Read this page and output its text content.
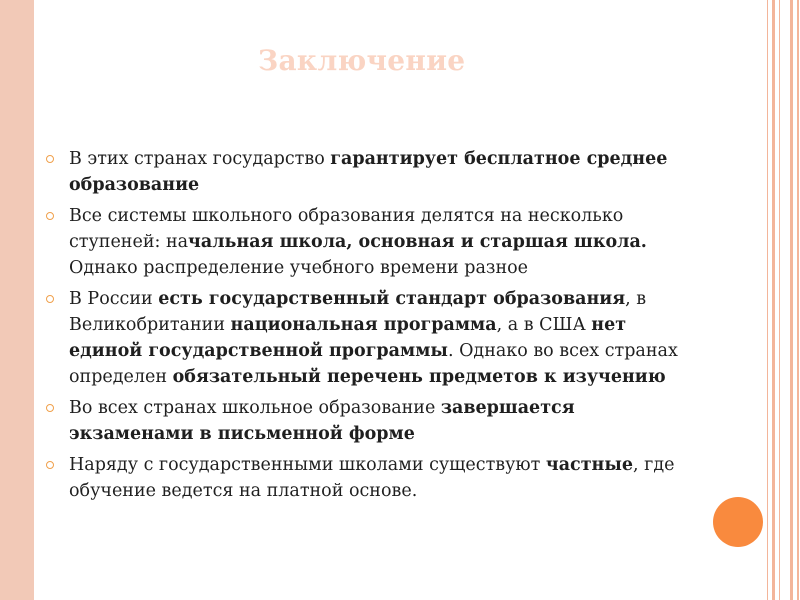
Заключение
В этих странах государство гарантирует бесплатное среднее образование
Все системы школьного образования делятся на несколько ступеней: начальная школа, основная и старшая школа. Однако распределение учебного времени разное
В России есть государственный стандарт образования, в Великобритании национальная программа, а в США нет единой государственной программы. Однако во всех странах определен обязательный перечень предметов к изучению
Во всех странах школьное образование завершается экзаменами в письменной форме
Наряду с государственными школами существуют частные, где обучение ведется на платной основе.
